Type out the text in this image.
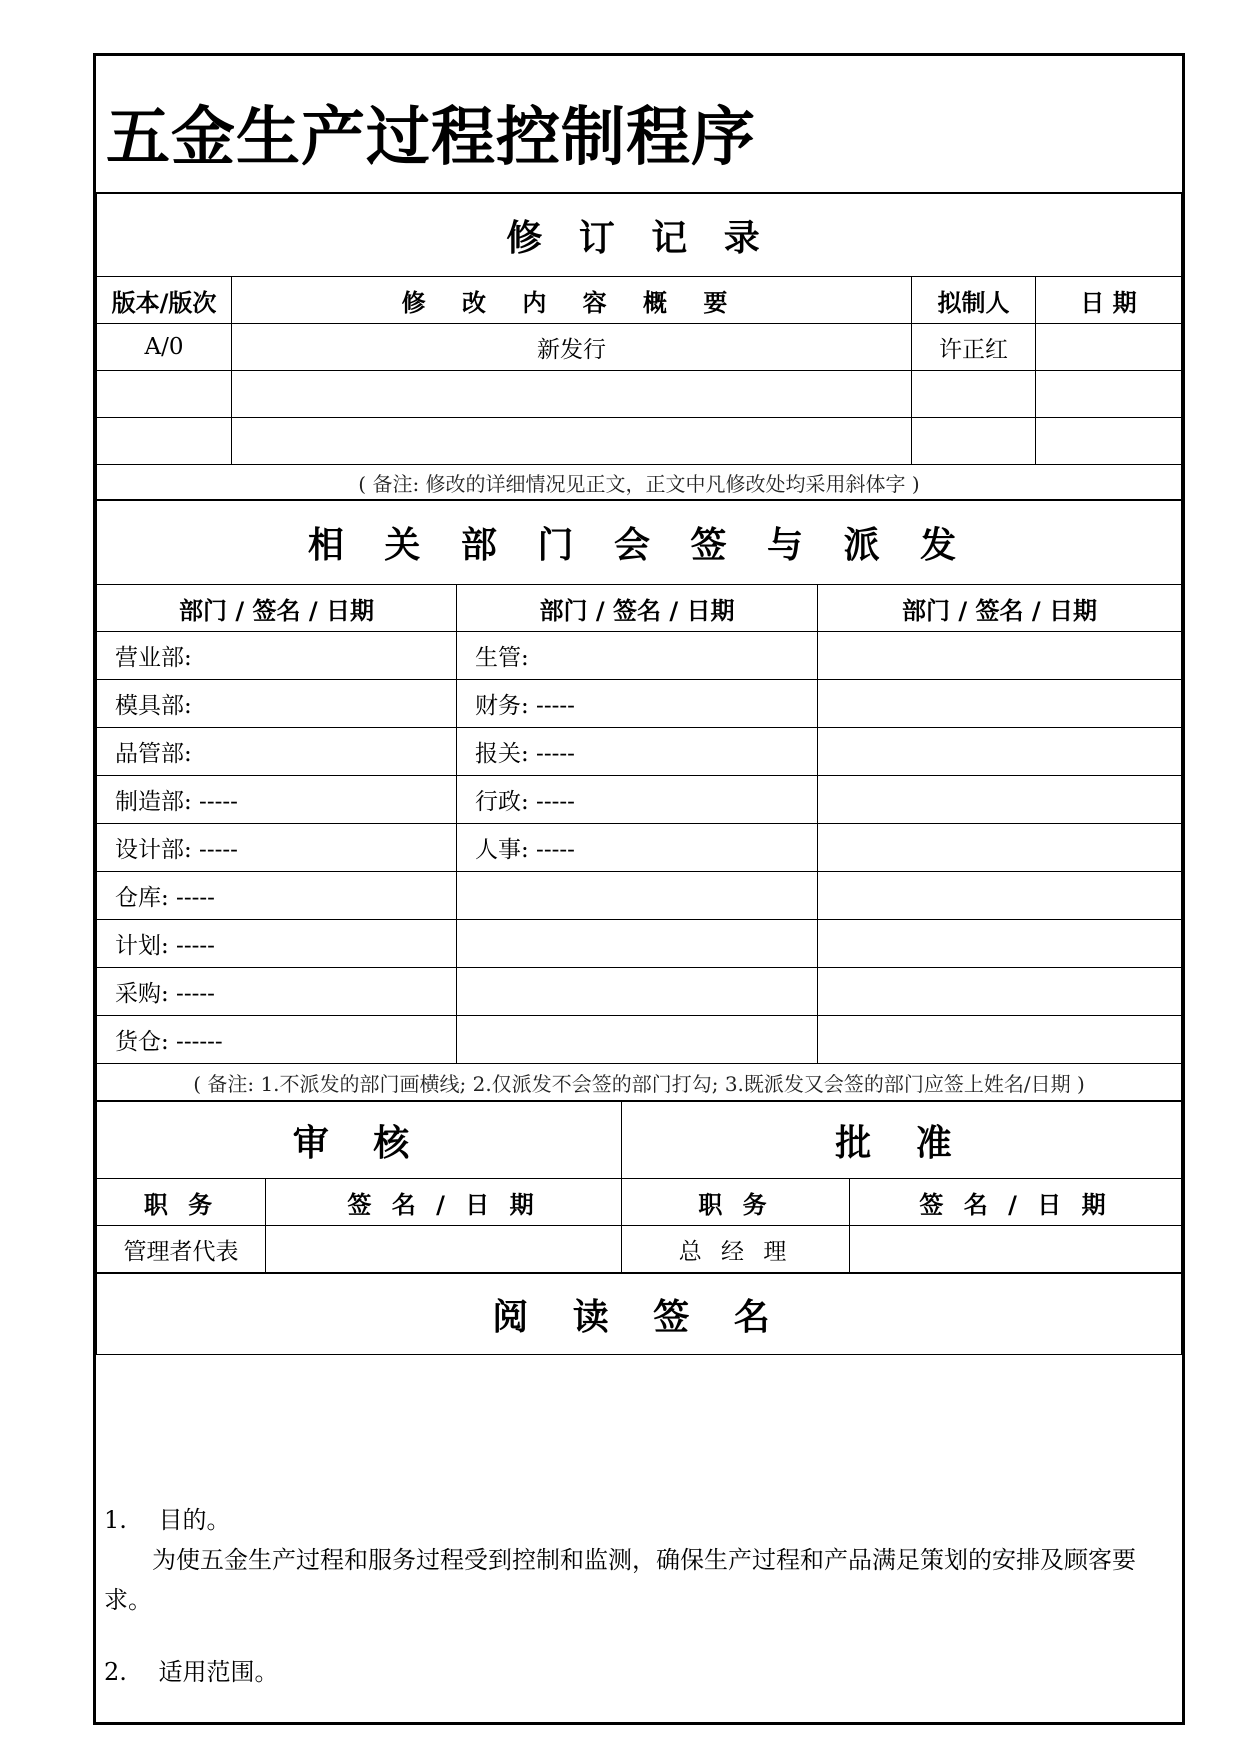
五金生产过程控制程序
修 订 记 录			
版本/版次	修 改 内 容 概 要	拟制人	日 期
A/0	新发行	许正红	

( 备注: 修改的详细情况见正文，正文中凡修改处均采用斜体字 )			
相 关 部 门 会 签 与 派 发		
部门 / 签名 / 日期	部门 / 签名 / 日期	部门 / 签名 / 日期
营业部:	生管:	
模具部:	财务: -----	
品管部:	报关: -----	
制造部: -----	行政: -----	
设计部: -----	人事: -----	
仓库: -----		
计划: -----		
采购: -----		
货仓: ------		
( 备注: 1.不派发的部门画横线; 2.仅派发不会签的部门打勾; 3.既派发又会签的部门应签上姓名/日期 )		
审 核		批 准	
职 务	签 名 / 日 期	职 务	签 名 / 日 期
管理者代表		总 经 理	
阅 读 签 名
1.　 目的。
为使五金生产过程和服务过程受到控制和监测，确保生产过程和产品满足策划的安排及顾客要求。
2.　 适用范围。
